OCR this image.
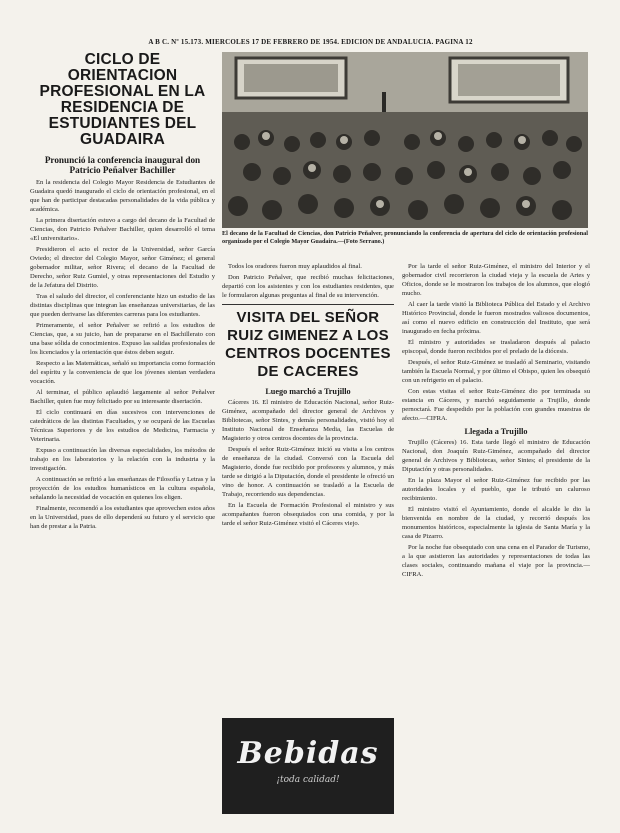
A B C. Nº 15.173. MIERCOLES 17 DE FEBRERO DE 1954. EDICION DE ANDALUCIA. PAGINA 12
CICLO DE ORIENTACION PROFESIONAL EN LA RESIDENCIA DE ESTUDIANTES DEL GUADAIRA
Pronunció la conferencia inaugural don Patricio Peñalver Bachiller

En la residencia del Colegio Mayor Residencia de Estudiantes de Guadaira quedó inaugurado el ciclo de orientación profesional, en el que han de participar destacadas personalidades de la vida pública y académica.

La primera disertación estuvo a cargo del decano de la Facultad de Ciencias, don Patricio Peñalver Bachiller, quien desarrolló el tema «El universitario».

Presidieron el acto el rector de la Universidad, señor García Oviedo; el director del Colegio Mayor, señor Giménez; el general gobernador militar, señor Rivera; el decano de la Facultad de Derecho, señor Ruiz Gumiel, y otras representaciones del Estudio y de la Jefatura del Distrito.

Tras el saludo del director, el conferenciante hizo un estudio de las distintas disciplinas que integran las enseñanzas universitarias, de las que pueden derivarse las diferentes carreras para los estudiantes.

Primeramente, el señor Peñalver se refirió a los estudios de Ciencias, que, a su juicio, han de prepararse en el Bachillerato con una base sólida de conocimientos. Expuso las salidas profesionales de los licenciados y la orientación que éstos deben seguir.

Respecto a las Matemáticas, señaló su importancia como formación del espíritu y la conveniencia de que los jóvenes sientan verdadera vocación.

Al terminar, el público aplaudió largamente al señor Peñalver Bachiller, quien fue muy felicitado por su interesante disertación.

El ciclo continuará en días sucesivos con intervenciones de catedráticos de las distintas Facultades, y se ocupará de las Escuelas Técnicas Superiores y de los estudios de Medicina, Farmacia y Veterinaria.

Expuso a continuación las diversas especialidades, los métodos de trabajo en los laboratorios y la relación con la industria y la investigación.

A continuación se refirió a las enseñanzas de Filosofía y Letras y la proyección de los estudios humanísticos en la cultura española, señalando la necesidad de vocación en quienes los eligen.

Finalmente, recomendó a los estudiantes que aprovechen estos años en la Universidad, pues de ello dependerá su futuro y el servicio que han de prestar a la Patria.

El decano de la Facultad de Ciencias, don Patricio Peñalver, pronunciando la conferencia de apertura del ciclo de orientación profesional organizado por el Colegio Mayor Guadaira.—(Foto Serrano.)

Todos los oradores fueron muy aplaudidos al final.

Don Patricio Peñalver, que recibió muchas felicitaciones, departió con los asistentes y con los estudiantes residentes, que le formularon algunas preguntas al final de su intervención.

VISITA DEL SEÑOR RUIZ GIMENEZ A LOS CENTROS DOCENTES DE CACERES
Luego marchó a Trujillo

Cáceres 16. El ministro de Educación Nacional, señor Ruiz-Giménez, acompañado del director general de Archivos y Bibliotecas, señor Sintes, y demás personalidades, visitó hoy el Instituto Nacional de Enseñanza Media, las Escuelas de Magisterio y otros centros docentes de la provincia.

Después el señor Ruiz-Giménez inició su visita a los centros de enseñanza de la ciudad. Conversó con la Escuela del Magisterio, donde fue recibido por profesores y alumnos, y más tarde se dirigió a la Diputación, donde el presidente le ofreció un vino de honor. A continuación se trasladó a la Escuela de Trabajo, recorriendo sus dependencias.

En la Escuela de Formación Profesional el ministro y sus acompañantes fueron obsequiados con una comida, y por la tarde el señor Ruiz-Giménez visitó el Cáceres viejo.

Bebidas
¡toda calidad!

Por la tarde el señor Ruiz-Giménez, el ministro del Interior y el gobernador civil recorrieron la ciudad vieja y la escuela de Artes y Oficios, donde se le mostraron los trabajos de los alumnos, que elogió mucho.

Al caer la tarde visitó la Biblioteca Pública del Estado y el Archivo Histórico Provincial, donde le fueron mostrados valiosos documentos, así como el nuevo edificio en construcción del Instituto, que será inaugurado en fecha próxima.

El ministro y autoridades se trasladaron después al palacio episcopal, donde fueron recibidos por el prelado de la diócesis.

Después, el señor Ruiz-Giménez se trasladó al Seminario, visitando también la Escuela Normal, y por último el Obispo, quien les obsequió con un refrigerio en el palacio.

Con estas visitas el señor Ruiz-Giménez dio por terminada su estancia en Cáceres, y marchó seguidamente a Trujillo, donde pernoctará. Fue despedido por la población con grandes muestras de afecto.—CIFRA.

Llegada a Trujillo

Trujillo (Cáceres) 16. Esta tarde llegó el ministro de Educación Nacional, don Joaquín Ruiz-Giménez, acompañado del director general de Archivos y Bibliotecas, señor Sintes; el presidente de la Diputación y otras personalidades.

En la plaza Mayor el señor Ruiz-Giménez fue recibido por las autoridades locales y el pueblo, que le tributó un caluroso recibimiento.

El ministro visitó el Ayuntamiento, donde el alcalde le dio la bienvenida en nombre de la ciudad, y recorrió después los monumentos históricos, especialmente la iglesia de Santa María y la casa de Pizarro.

Por la noche fue obsequiado con una cena en el Parador de Turismo, a la que asistieron las autoridades y representaciones de todas las clases sociales, continuando mañana el viaje por la provincia.—CIFRA.
